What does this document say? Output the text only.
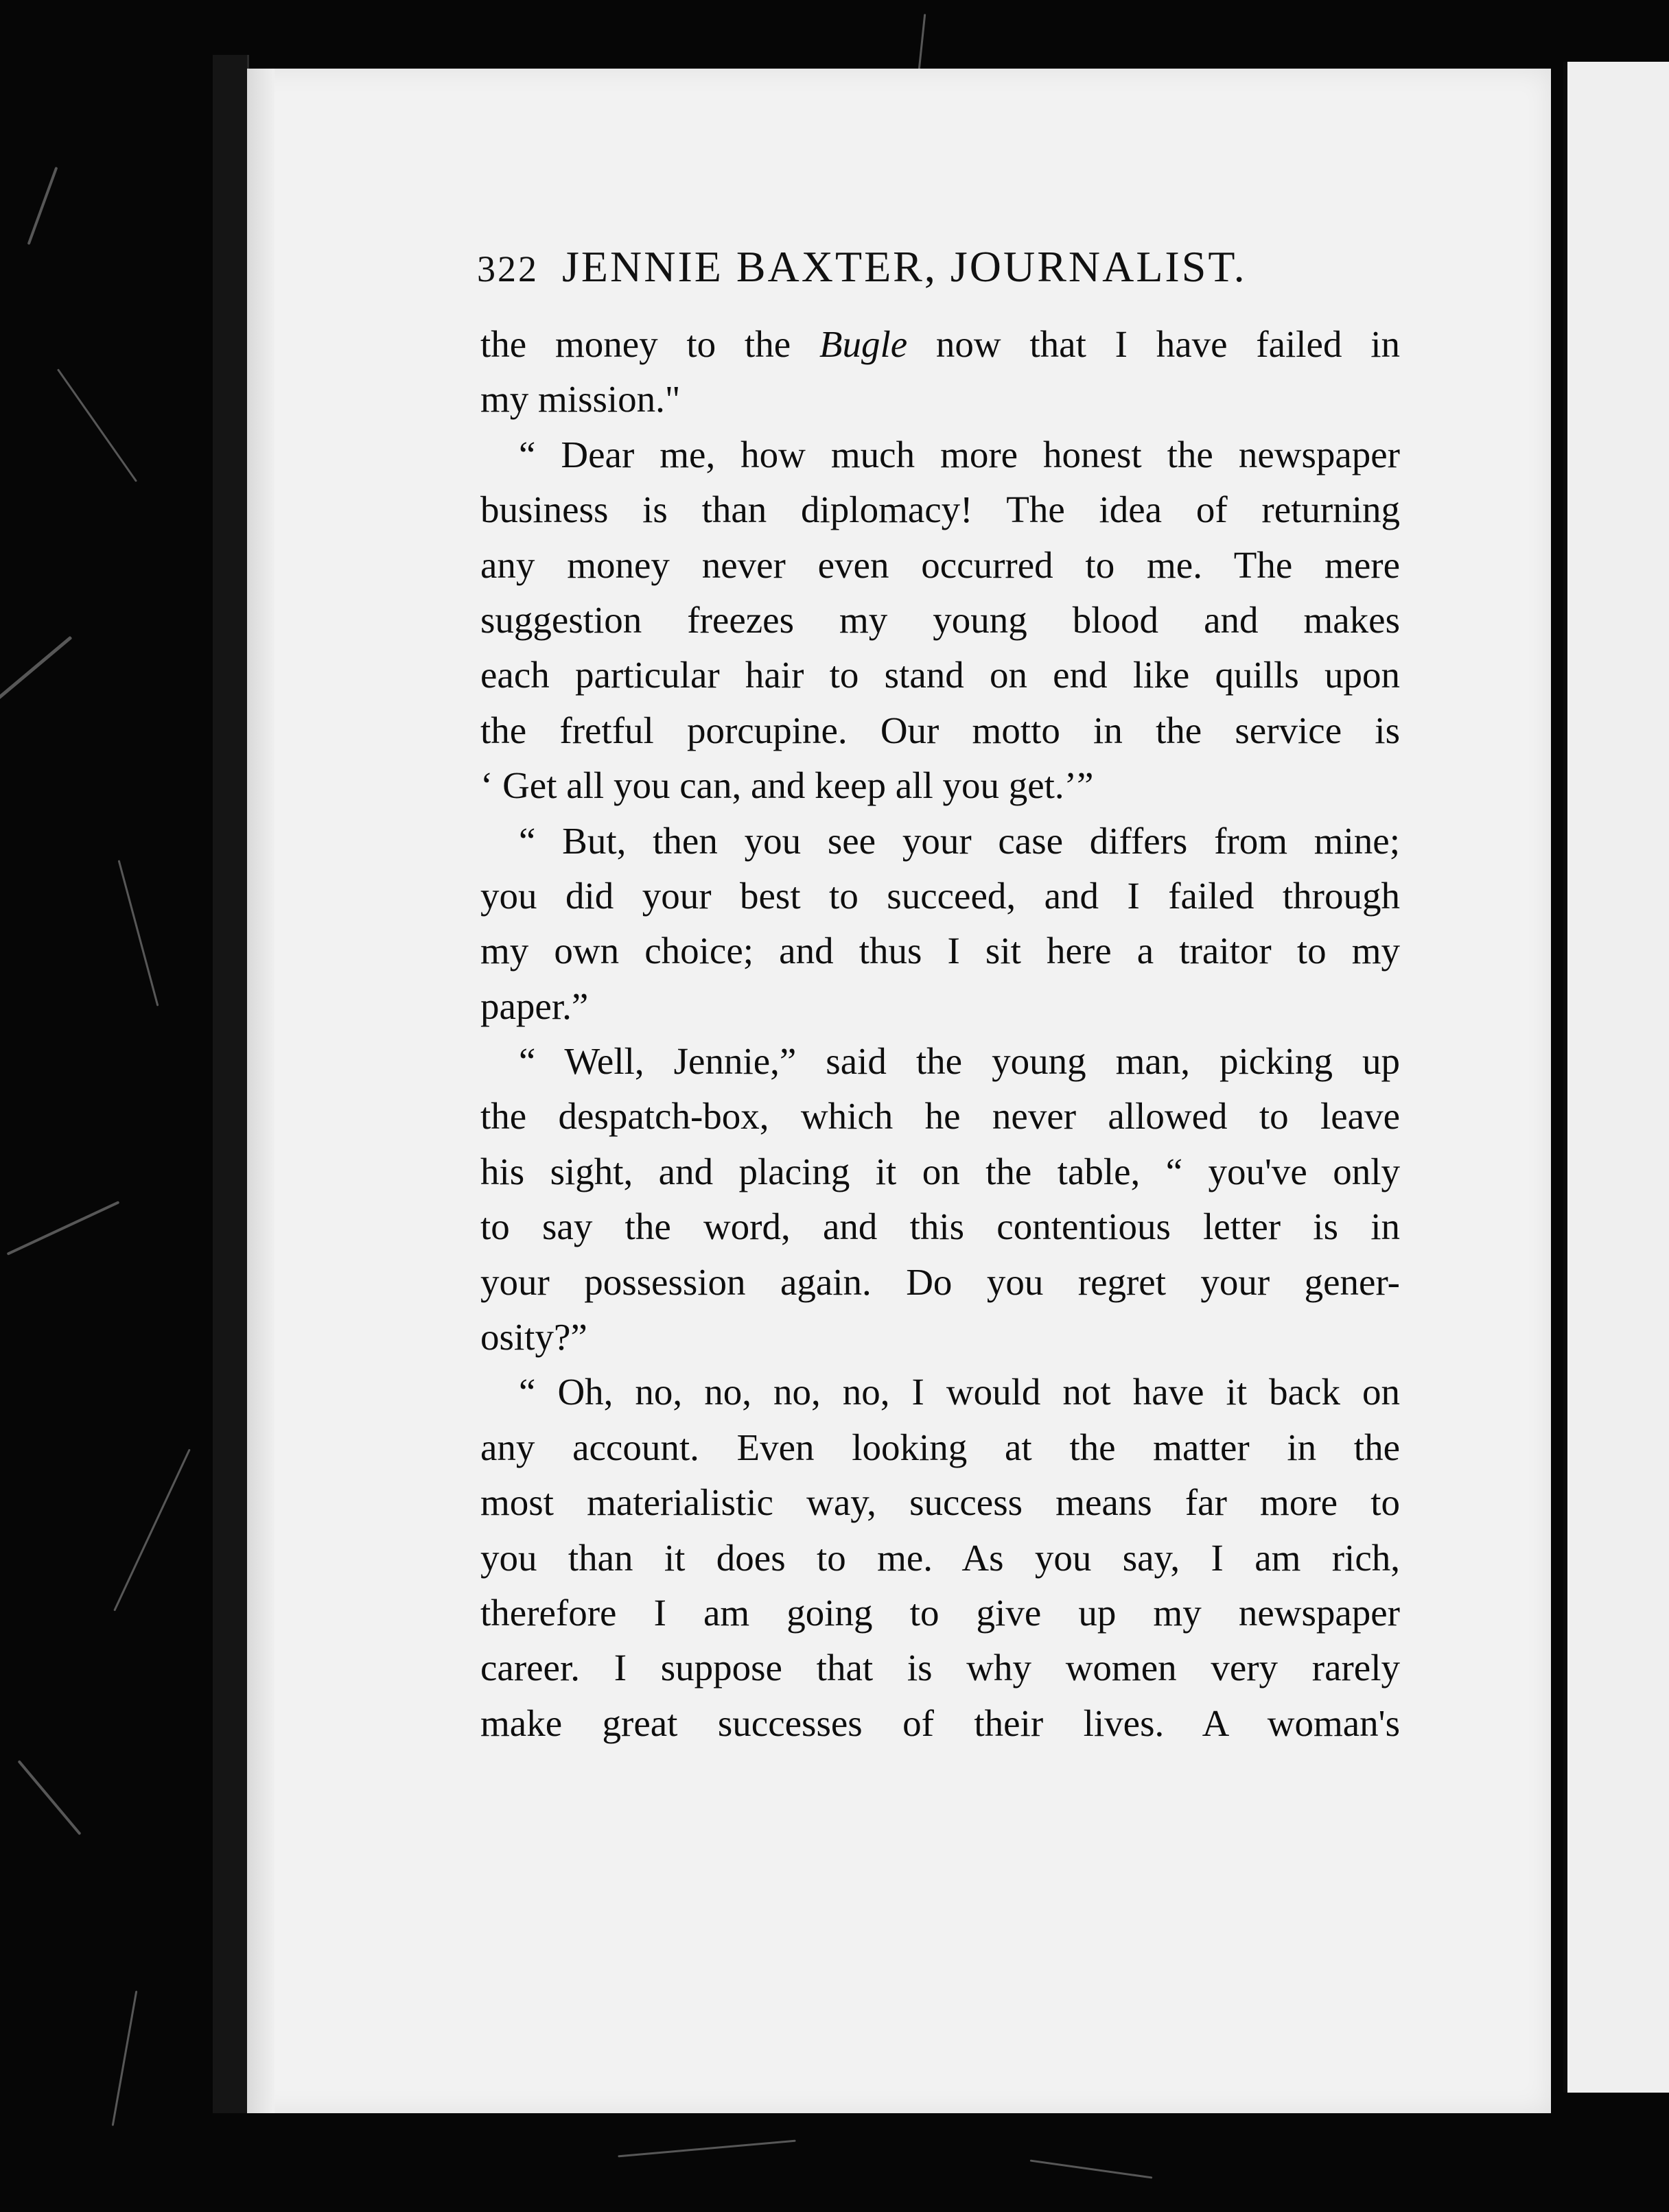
322 JENNIE BAXTER, JOURNALIST.
the money to the Bugle now that I have failed in
my mission."
“ Dear me, how much more honest the newspaper
business is than diplomacy! The idea of returning
any money never even occurred to me. The mere
suggestion freezes my young blood and makes
each particular hair to stand on end like quills upon
the fretful porcupine. Our motto in the service is
‘ Get all you can, and keep all you get.’”
“ But, then you see your case differs from mine;
you did your best to succeed, and I failed through
my own choice; and thus I sit here a traitor to my
paper.”
“ Well, Jennie,” said the young man, picking up
the despatch-box, which he never allowed to leave
his sight, and placing it on the table, “ you've only
to say the word, and this contentious letter is in
your possession again. Do you regret your gener-
osity?”
“ Oh, no, no, no, no, I would not have it back on
any account. Even looking at the matter in the
most materialistic way, success means far more to
you than it does to me. As you say, I am rich,
therefore I am going to give up my newspaper
career. I suppose that is why women very rarely
make great successes of their lives. A woman's
